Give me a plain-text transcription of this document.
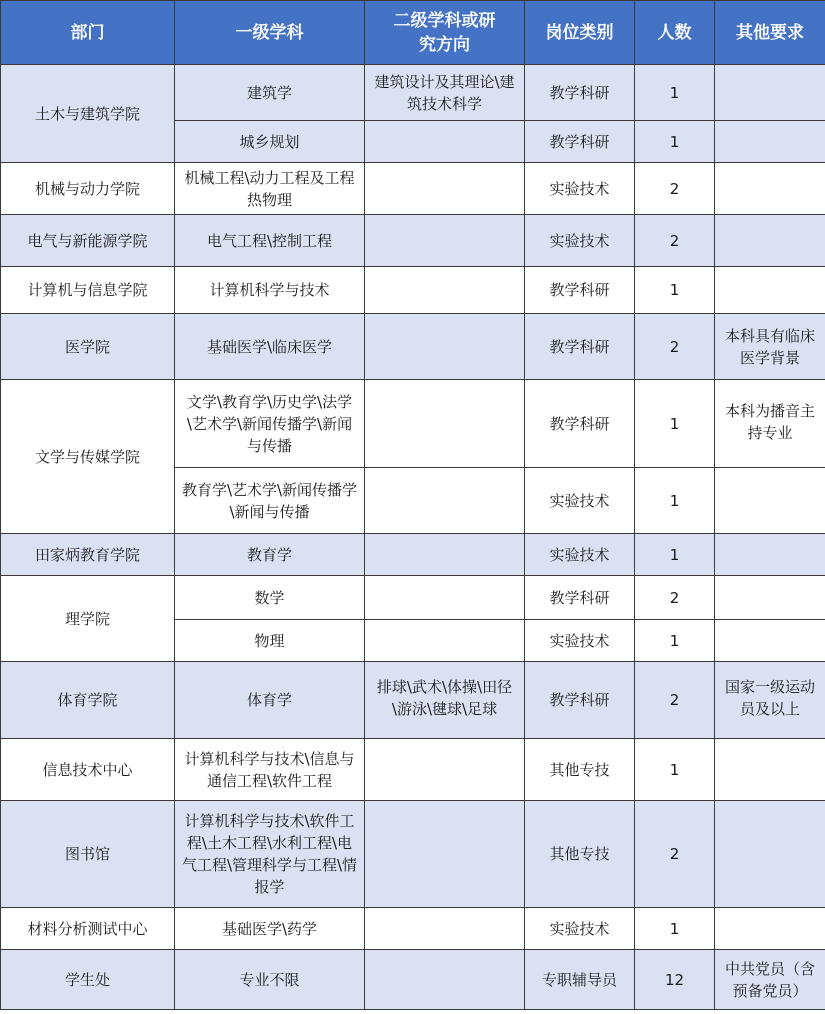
部门	一级学科	二级学科或研究方向	岗位类别	人数	其他要求
土木与建筑学院	建筑学	建筑设计及其理论\建筑技术科学	教学科研	1	
	城乡规划		教学科研	1	
机械与动力学院	机械工程\动力工程及工程热物理		实验技术	2	
电气与新能源学院	电气工程\控制工程		实验技术	2	
计算机与信息学院	计算机科学与技术		教学科研	1	
医学院	基础医学\临床医学		教学科研	2	本科具有临床医学背景
文学与传媒学院	文学\教育学\历史学\法学\艺术学\新闻传播学\新闻与传播		教学科研	1	本科为播音主持专业
	教育学\艺术学\新闻传播学\新闻与传播		实验技术	1	
田家炳教育学院	教育学		实验技术	1	
理学院	数学		教学科研	2	
	物理		实验技术	1	
体育学院	体育学	排球\武术\体操\田径\游泳\毽球\足球	教学科研	2	国家一级运动员及以上
信息技术中心	计算机科学与技术\信息与通信工程\软件工程		其他专技	1	
图书馆	计算机科学与技术\软件工程\土木工程\水利工程\电气工程\管理科学与工程\情报学		其他专技	2	
材料分析测试中心	基础医学\药学		实验技术	1	
学生处	专业不限		专职辅导员	12	中共党员（含预备党员）
